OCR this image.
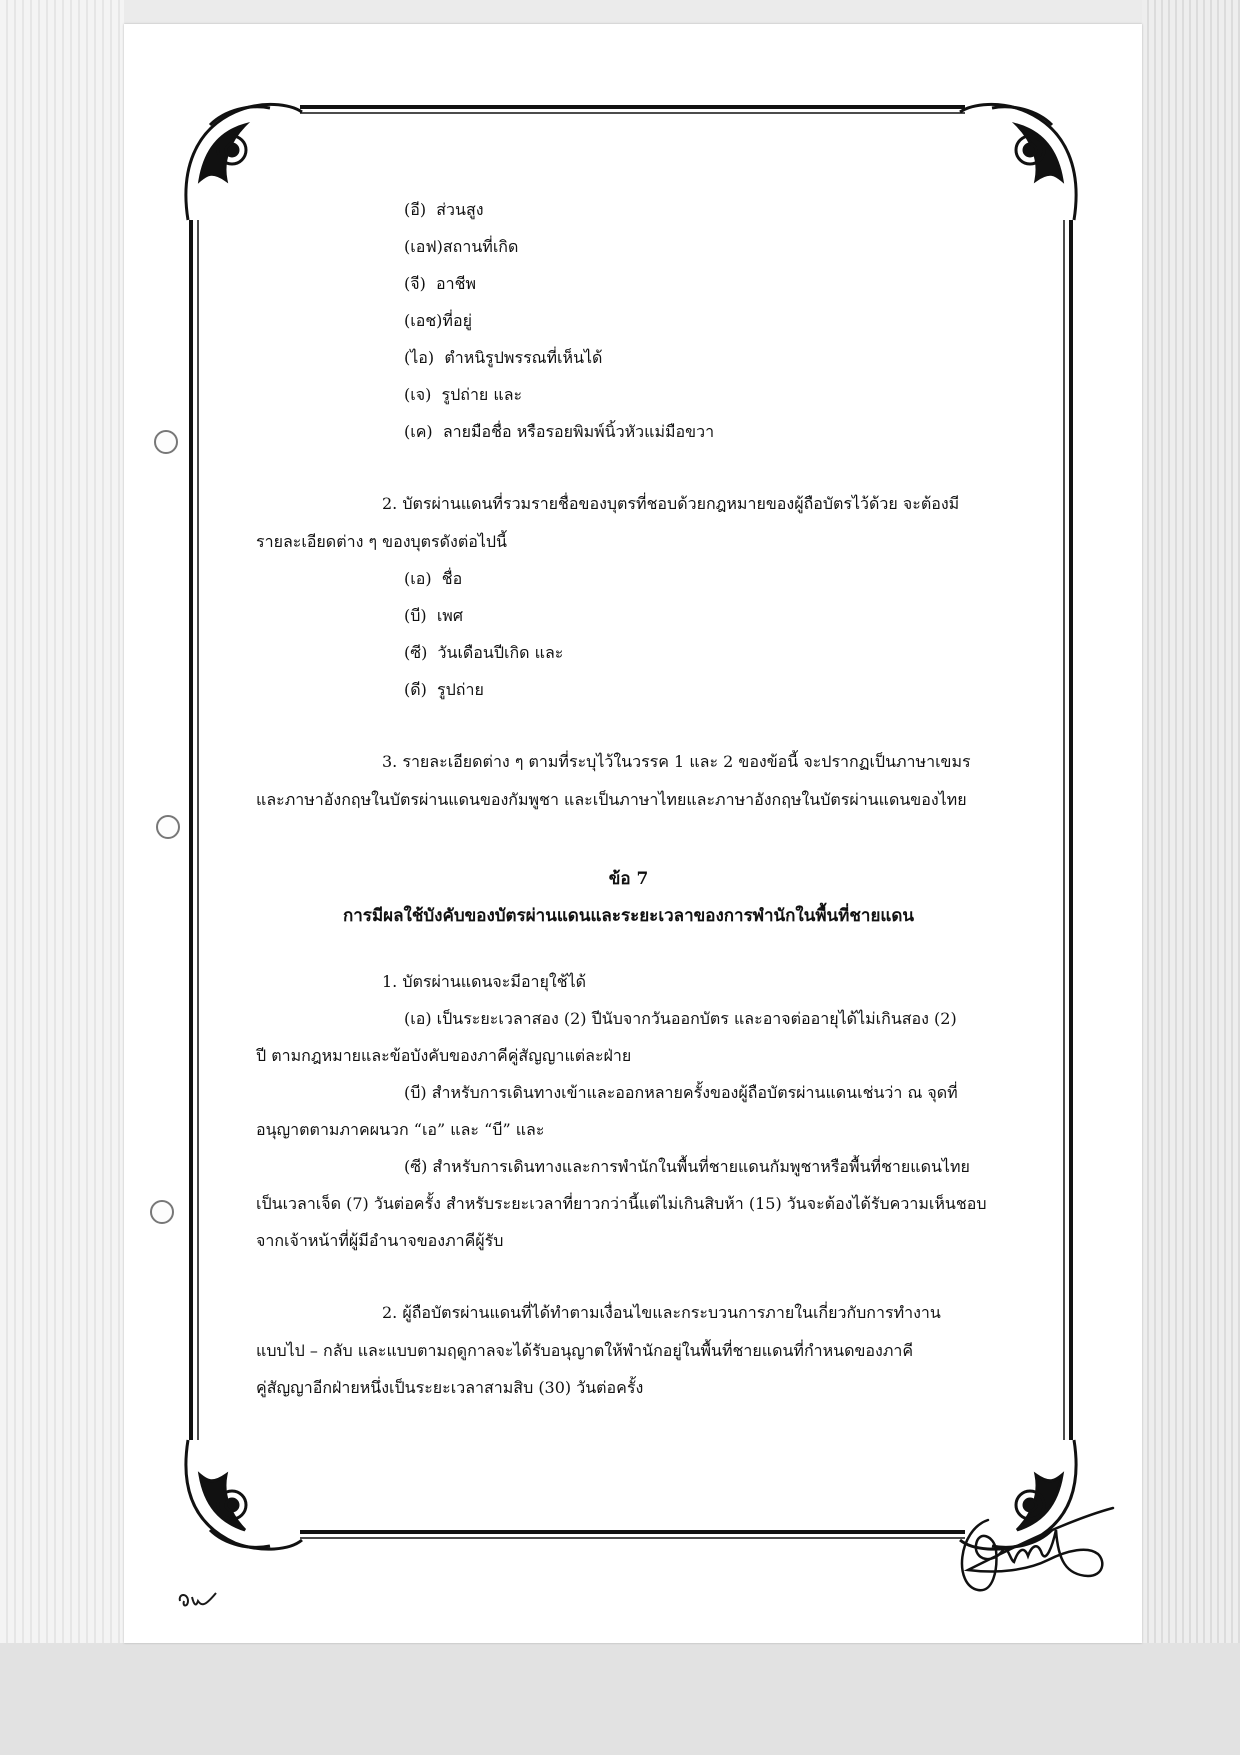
(อี) ส่วนสูง
(เอฟ)สถานที่เกิด
(จี) อาชีพ
(เอช)ที่อยู่
(ไอ) ตำหนิรูปพรรณที่เห็นได้
(เจ) รูปถ่าย และ
(เค) ลายมือชื่อ หรือรอยพิมพ์นิ้วหัวแม่มือขวา
2. บัตรผ่านแดนที่รวมรายชื่อของบุตรที่ชอบด้วยกฎหมายของผู้ถือบัตรไว้ด้วย จะต้องมี
รายละเอียดต่าง ๆ ของบุตรดังต่อไปนี้
(เอ) ชื่อ
(บี) เพศ
(ซี) วันเดือนปีเกิด และ
(ดี) รูปถ่าย
3. รายละเอียดต่าง ๆ ตามที่ระบุไว้ในวรรค 1 และ 2 ของข้อนี้ จะปรากฏเป็นภาษาเขมร
และภาษาอังกฤษในบัตรผ่านแดนของกัมพูชา และเป็นภาษาไทยและภาษาอังกฤษในบัตรผ่านแดนของไทย
ข้อ 7
การมีผลใช้บังคับของบัตรผ่านแดนและระยะเวลาของการพำนักในพื้นที่ชายแดน
1. บัตรผ่านแดนจะมีอายุใช้ได้
(เอ) เป็นระยะเวลาสอง (2) ปีนับจากวันออกบัตร และอาจต่ออายุได้ไม่เกินสอง (2)
ปี ตามกฎหมายและข้อบังคับของภาคีคู่สัญญาแต่ละฝ่าย
(บี) สำหรับการเดินทางเข้าและออกหลายครั้งของผู้ถือบัตรผ่านแดนเช่นว่า ณ จุดที่
อนุญาตตามภาคผนวก “เอ” และ “บี” และ
(ซี) สำหรับการเดินทางและการพำนักในพื้นที่ชายแดนกัมพูชาหรือพื้นที่ชายแดนไทย
เป็นเวลาเจ็ด (7) วันต่อครั้ง สำหรับระยะเวลาที่ยาวกว่านี้แต่ไม่เกินสิบห้า (15) วันจะต้องได้รับความเห็นชอบ
จากเจ้าหน้าที่ผู้มีอำนาจของภาคีผู้รับ
2. ผู้ถือบัตรผ่านแดนที่ได้ทำตามเงื่อนไขและกระบวนการภายในเกี่ยวกับการทำงาน
แบบไป – กลับ และแบบตามฤดูกาลจะได้รับอนุญาตให้พำนักอยู่ในพื้นที่ชายแดนที่กำหนดของภาคี
คู่สัญญาอีกฝ่ายหนึ่งเป็นระยะเวลาสามสิบ (30) วันต่อครั้ง
